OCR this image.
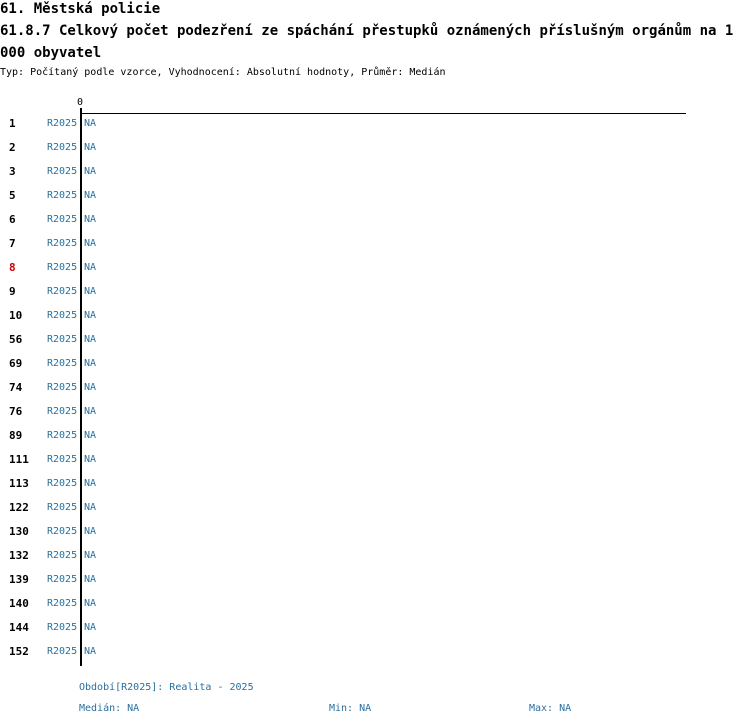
61. Městská policie
61.8.7 Celkový počet podezření ze spáchání přestupků oznámených příslušným orgánům na 1 000 obyvatel
Typ: Počítaný podle vzorce, Vyhodnocení: Absolutní hodnoty, Průměr: Medián
0
1	R2025 NA
2	R2025 NA
3	R2025 NA
5	R2025 NA
6	R2025 NA
7	R2025 NA
8	R2025 NA
9	R2025 NA
10 R2025 NA
56 R2025 NA
69 R2025 NA
74 R2025 NA
76 R2025 NA
89 R2025 NA
111 R2025 NA
113 R2025 NA
122 R2025 NA
130 R2025 NA
132 R2025 NA
139 R2025 NA
140 R2025 NA
144 R2025 NA
152 R2025 NA
Období[R2025]: Realita - 2025
Medián: NA	Min: NA	Max: NA
